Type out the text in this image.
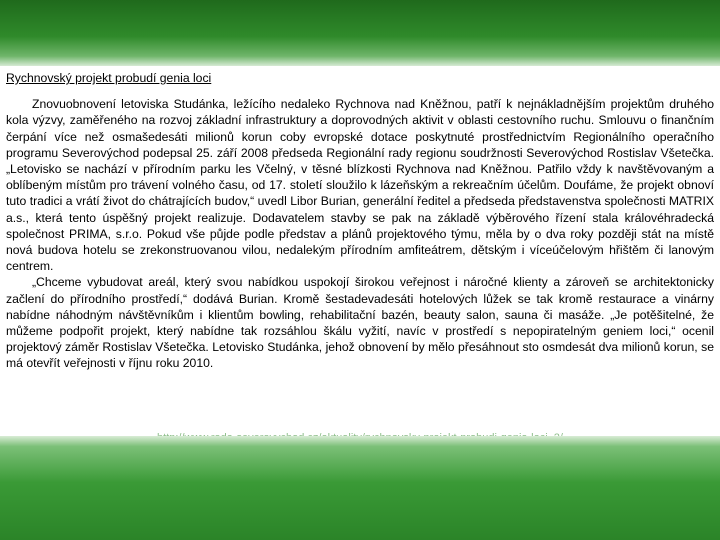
Rychnovský projekt probudí genia loci

Znovuobnovení letoviska Studánka, ležícího nedaleko Rychnova nad Kněžnou, patří k nejnákladnějším projektům druhého kola výzvy, zaměřeného na rozvoj základní infrastruktury a doprovodných aktivit v oblasti cestovního ruchu. Smlouvu o finančním čerpání více než osmašedesáti milionů korun coby evropské dotace poskytnuté prostřednictvím Regionálního operačního programu Severovýchod podepsal 25. září 2008 předseda Regionální rady regionu soudržnosti Severovýchod Rostislav Všetečka. „Letovisko se nachází v přírodním parku les Včelný, v těsné blízkosti Rychnova nad Kněžnou. Patřilo vždy k navštěvovaným a oblíbeným místům pro trávení volného času, od 17. století sloužilo k lázeňským a rekreačním účelům. Doufáme, že projekt obnoví tuto tradici a vrátí život do chátrajících budov,“ uvedl Libor Burian, generální ředitel a předseda představenstva společnosti MATRIX a.s., která tento úspěšný projekt realizuje. Dodavatelem stavby se pak na základě výběrového řízení stala královéhradecká společnost PRIMA, s.r.o. Pokud vše půjde podle představ a plánů projektového týmu, měla by o dva roky později stát na místě nová budova hotelu se zrekonstruovanou vilou, nedalekým přírodním amfiteátrem, dětským i víceúčelovým hřištěm či lanovým centrem.

„Chceme vybudovat areál, který svou nabídkou uspokojí širokou veřejnost i náročné klienty a zároveň se architektonicky začlení do přírodního prostředí,“ dodává Burian. Kromě šestadevadesáti hotelových lůžek se tak kromě restaurace a vinárny nabídne náhodným návštěvníkům i klientům bowling, rehabilitační bazén, beauty salon, sauna či masáže. „Je potěšitelné, že můžeme podpořit projekt, který nabídne tak rozsáhlou škálu vyžití, navíc v prostředí s nepopiratelným geniem loci,“ ocenil projektový záměr Rostislav Všetečka. Letovisko Studánka, jehož obnovení by mělo přesáhnout sto osmdesát dva milionů korun, se má otevřít veřejnosti v říjnu roku 2010.
